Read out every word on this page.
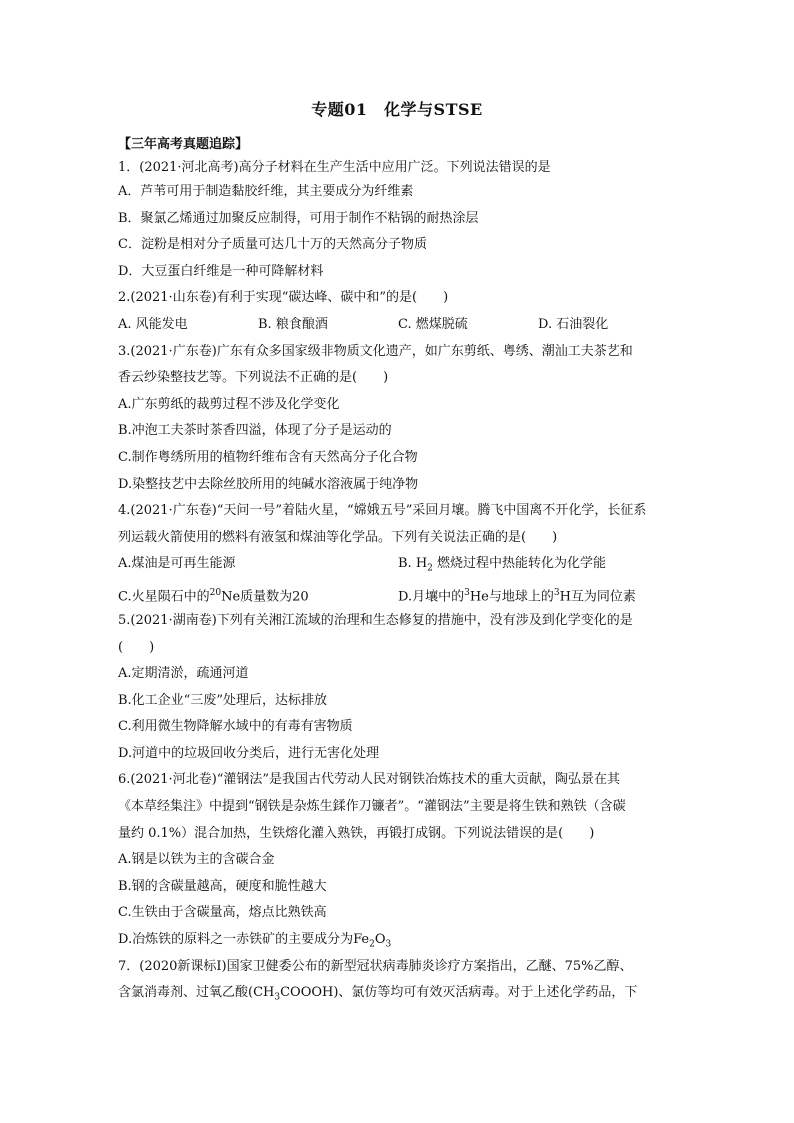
专题01　化学与STSE
【三年高考真题追踪】
1．(2021·河北高考)高分子材料在生产生活中应用广泛。下列说法错误的是
A．芦苇可用于制造黏胶纤维，其主要成分为纤维素
B．聚氯乙烯通过加聚反应制得，可用于制作不粘锅的耐热涂层
C．淀粉是相对分子质量可达几十万的天然高分子物质
D．大豆蛋白纤维是一种可降解材料
2.(2021·山东卷)有利于实现“碳达峰、碳中和”的是(　　)
A. 风能发电	B. 粮食酿酒	C. 燃煤脱硫	D. 石油裂化
3.(2021·广东卷)广东有众多国家级非物质文化遗产，如广东剪纸、粤绣、潮汕工夫茶艺和
香云纱染整技艺等。下列说法不正确的是(　　)
A.广东剪纸的裁剪过程不涉及化学变化
B.冲泡工夫茶时茶香四溢，体现了分子是运动的
C.制作粤绣所用的植物纤维布含有天然高分子化合物
D.染整技艺中去除丝胶所用的纯碱水溶液属于纯净物
4.(2021·广东卷)“天问一号”着陆火星，“嫦娥五号”采回月壤。腾飞中国离不开化学，长征系
列运载火箭使用的燃料有液氢和煤油等化学品。下列有关说法正确的是(　　)
A.煤油是可再生能源	B. $H_2$ 燃烧过程中热能转化为化学能
C.火星陨石中的$^{20}$Ne质量数为20	D.月壤中的$^3$He与地球上的$^3$H互为同位素
5.(2021·湖南卷)下列有关湘江流域的治理和生态修复的措施中，没有涉及到化学变化的是
(　　)
A.定期清淤，疏通河道
B.化工企业“三废”处理后，达标排放
C.利用微生物降解水域中的有毒有害物质
D.河道中的垃圾回收分类后，进行无害化处理
6.(2021·河北卷)“灌钢法”是我国古代劳动人民对钢铁冶炼技术的重大贡献，陶弘景在其
《本草经集注》中提到“钢铁是杂炼生鍒作刀镰者”。“灌钢法”主要是将生铁和熟铁（含碳
量约 0.1%）混合加热，生铁熔化灌入熟铁，再锻打成钢。下列说法错误的是(　　)
A.钢是以铁为主的含碳合金
B.钢的含碳量越高，硬度和脆性越大
C.生铁由于含碳量高，熔点比熟铁高
D.冶炼铁的原料之一赤铁矿的主要成分为$Fe_2O_3$
7．(2020新课标Ⅰ)国家卫健委公布的新型冠状病毒肺炎诊疗方案指出，乙醚、75%乙醇、
含氯消毒剂、过氧乙酸$(CH_3COOOH)$、氯仿等均可有效灭活病毒。对于上述化学药品，下
